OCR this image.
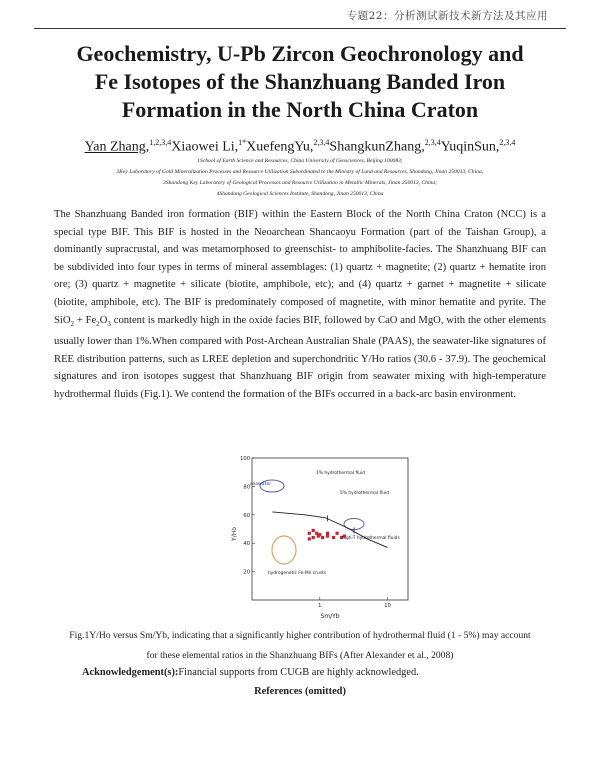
专题22：分析测试新技术新方法及其应用
Geochemistry, U-Pb Zircon Geochronology and
Fe Isotopes of the Shanzhuang Banded Iron
Formation in the North China Craton
Yan Zhang,$^{1,2,3,4}$Xiaowei Li,$^{1*}$XuefengYu,$^{2,3,4}$ShangkunZhang,$^{2,3,4}$YuqinSun,$^{2,3,4}$
1School of Earth Science and Resources, China University of Geosciences, Beijing 100083;
2Key Laboratory of Gold Mineralization Processes and Resource Utilization Subordinated to the Ministry of Land and Resources, Shandong, Jinan 250013, China;
3Shandong Key Laboratory of Geological Processes and Resource Utilization in Metallic Minerals, Jinan 250013, China;
4Shandong Geological Sciences Institute, Shandong, Jinan 250013, China
The Shanzhuang Banded iron formation (BIF) within the Eastern Block of the North China Craton (NCC) is a special type BIF. This BIF is hosted in the Neoarchean Shancaoyu Formation (part of the Taishan Group), a dominantly supracrustal, and was metamorphosed to greenschist- to amphibolite-facies. The Shanzhuang BIF can be subdivided into four types in terms of mineral assemblages: (1) quartz + magnetite; (2) quartz + hematite iron ore; (3) quartz + magnetite + silicate (biotite, amphibole, etc); and (4) quartz + garnet + magnetite + silicate (biotite, amphibole, etc). The BIF is predominately composed of magnetite, with minor hematite and pyrite. The $SiO_2 + Fe_2O_3$ content is markedly high in the oxide facies BIF, followed by CaO and MgO, with the other elements usually lower than 1%.When compared with Post-Archean Australian Shale (PAAS), the seawater-like signatures of REE distribution patterns, such as LREE depletion and superchondritic Y/Ho ratios (30.6 - 37.9). The geochemical signatures and iron isotopes suggest that Shanzhuang BIF origin from seawater mixing with high-temperature hydrothermal fluids (Fig.1). We contend the formation of the BIFs occurred in a back-arc basin environment.
20
40
60
80
100
1	10
seawater
1% hydrothermal fluid
5% hydrothermal fluid
high-T hydrothermal fluids
hydrogenetic Fe-Mn crusts
Sm/Yb
Y/Ho
Fig.1Y/Ho versus Sm/Yb, indicating that a significantly higher contribution of hydrothermal fluid (1 - 5%) may account
for these elemental ratios in the Shanzhuang BIFs (After Alexander et al., 2008)
Acknowledgement(s):Financial supports from CUGB are highly acknowledged.
References (omitted)
